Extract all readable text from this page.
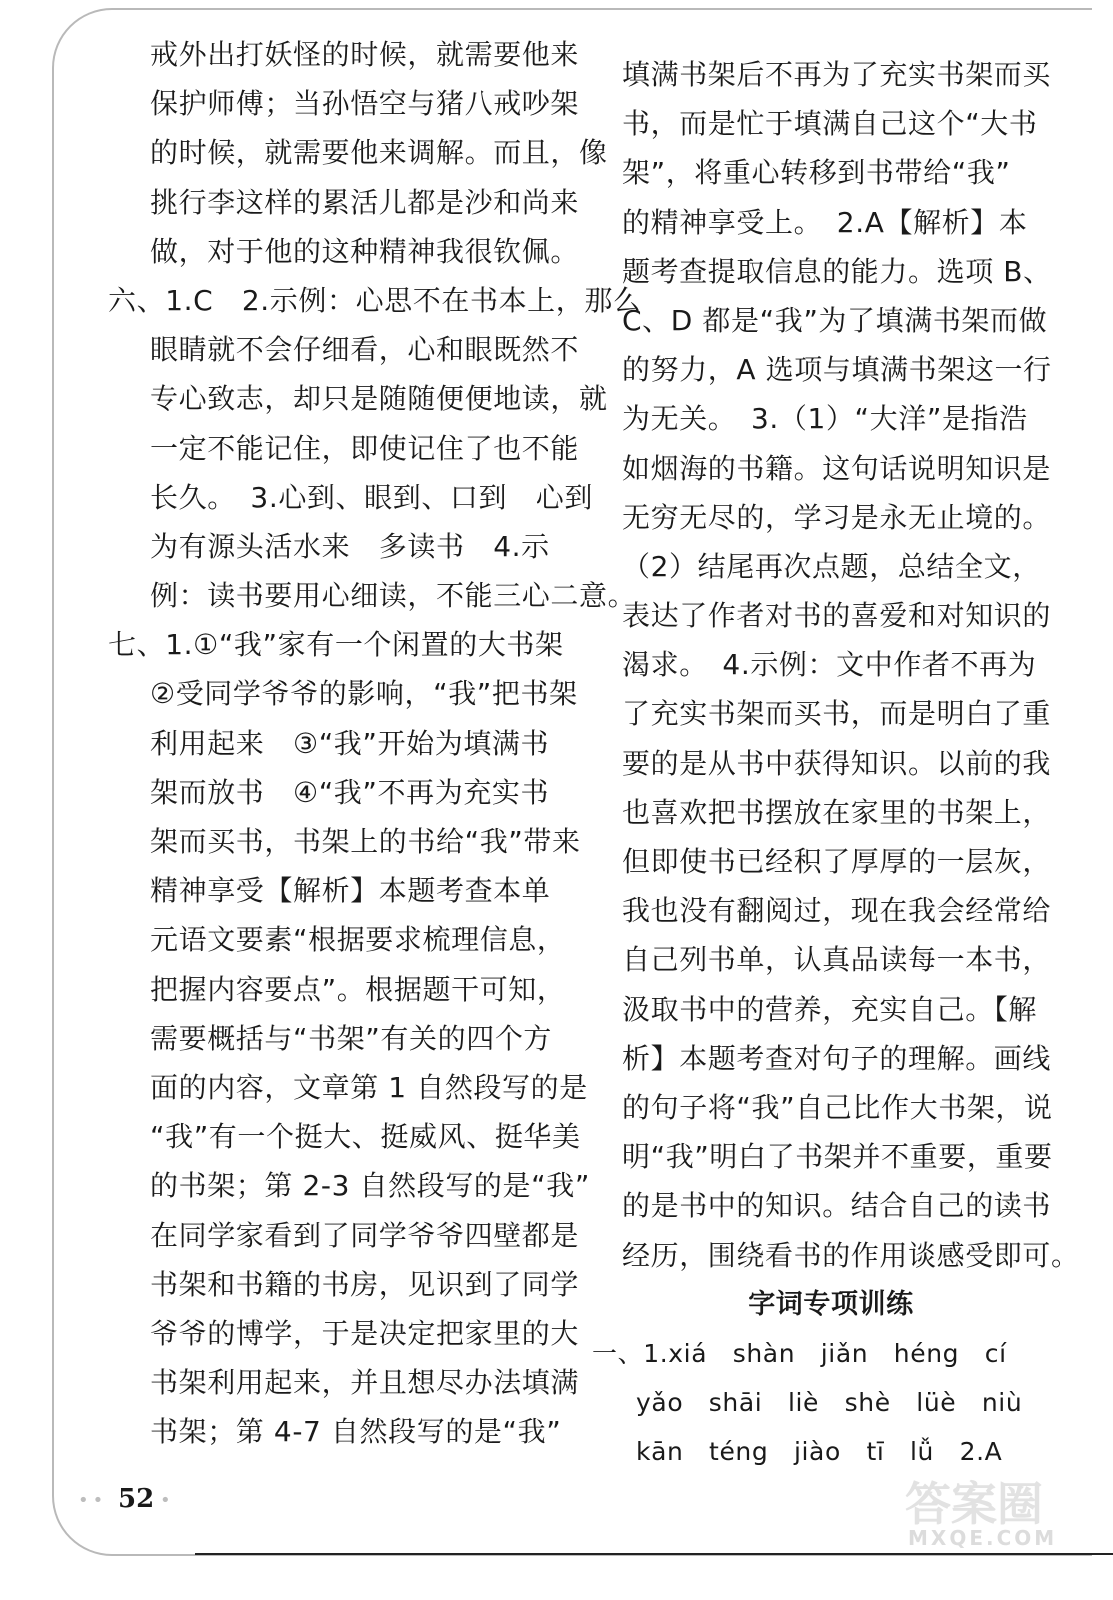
戒外出打妖怪的时候，就需要他来
保护师傅；当孙悟空与猪八戒吵架
的时候，就需要他来调解。而且，像
挑行李这样的累活儿都是沙和尚来
做，对于他的这种精神我很钦佩。
六、1.C　2.示例：心思不在书本上，那么
眼睛就不会仔细看，心和眼既然不
专心致志，却只是随随便便地读，就
一定不能记住，即使记住了也不能
长久。　3.心到、眼到、口到　心到
为有源头活水来　多读书　4.示
例：读书要用心细读，不能三心二意。
七、1.①“我”家有一个闲置的大书架
②受同学爷爷的影响，“我”把书架
利用起来　③“我”开始为填满书
架而放书　④“我”不再为充实书
架而买书，书架上的书给“我”带来
精神享受【解析】本题考查本单
元语文要素“根据要求梳理信息，
把握内容要点”。根据题干可知，
需要概括与“书架”有关的四个方
面的内容，文章第 1 自然段写的是
“我”有一个挺大、挺威风、挺华美
的书架；第 2-3 自然段写的是“我”
在同学家看到了同学爷爷四壁都是
书架和书籍的书房，见识到了同学
爷爷的博学，于是决定把家里的大
书架利用起来，并且想尽办法填满
书架；第 4-7 自然段写的是“我”
填满书架后不再为了充实书架而买
书，而是忙于填满自己这个“大书
架”，将重心转移到书带给“我”
的精神享受上。　2.A【解析】本
题考查提取信息的能力。选项 B、
C、D 都是“我”为了填满书架而做
的努力，A 选项与填满书架这一行
为无关。　3.（1）“大洋”是指浩
如烟海的书籍。这句话说明知识是
无穷无尽的，学习是永无止境的。
（2）结尾再次点题，总结全文，
表达了作者对书的喜爱和对知识的
渴求。　4.示例：文中作者不再为
了充实书架而买书，而是明白了重
要的是从书中获得知识。以前的我
也喜欢把书摆放在家里的书架上，
但即使书已经积了厚厚的一层灰，
我也没有翻阅过，现在我会经常给
自己列书单，认真品读每一本书，
汲取书中的营养，充实自己。【解
析】本题考查对句子的理解。画线
的句子将“我”自己比作大书架，说
明“我”明白了书架并不重要，重要
的是书中的知识。结合自己的读书
经历，围绕看书的作用谈感受即可。
字词专项训练
一、1.xiá　shàn　jiǎn　héng　cí
yǎo　shāi　liè　shè　lüè　niù
kān　téng　jiào　tī　lǚ　2.A
•• 52 •	答案圈
MXQE.COM
